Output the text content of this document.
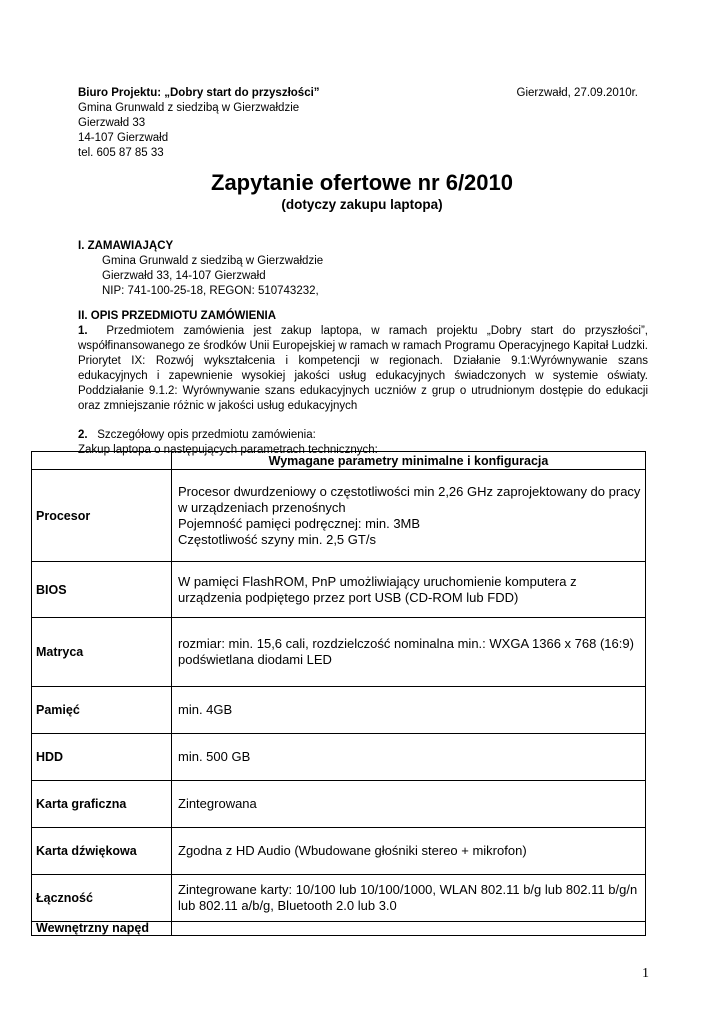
Biuro Projektu: „Dobry start do przyszłości”
Gmina Grunwald z siedzibą w Gierzwałdzie
Gierzwałd 33
14-107 Gierzwałd
tel. 605 87 85 33
Gierzwałd, 27.09.2010r.
Zapytanie ofertowe nr 6/2010
(dotyczy zakupu laptopa)
I. ZAMAWIAJĄCY
Gmina Grunwald z siedzibą w Gierzwałdzie
Gierzwałd 33, 14-107 Gierzwałd
NIP: 741-100-25-18, REGON: 510743232,
II. OPIS PRZEDMIOTU ZAMÓWIENIA
1. Przedmiotem zamówienia jest zakup laptopa, w ramach projektu „Dobry start do przyszłości”, współfinansowanego ze środków Unii Europejskiej w ramach w ramach Programu Operacyjnego Kapitał Ludzki. Priorytet IX: Rozwój wykształcenia i kompetencji w regionach. Działanie 9.1:Wyrównywanie szans edukacyjnych i zapewnienie wysokiej jakości usług edukacyjnych świadczonych w systemie oświaty. Poddziałanie 9.1.2: Wyrównywanie szans edukacyjnych uczniów z grup o utrudnionym dostępie do edukacji oraz zmniejszanie różnic w jakości usług edukacyjnych
2. Szczegółowy opis przedmiotu zamówienia:
Zakup laptopa o następujących parametrach technicznych:
	Wymagane parametry minimalne i konfiguracja
Procesor	Procesor dwurdzeniowy o częstotliwości min 2,26 GHz zaprojektowany do pracy w urządzeniach przenośnych
Pojemność pamięci podręcznej: min. 3MB
Częstotliwość szyny min. 2,5 GT/s

BIOS	W pamięci FlashROM, PnP umożliwiający uruchomienie komputera z urządzenia podpiętego przez port USB (CD-ROM lub FDD)
Matryca	rozmiar: min. 15,6 cali, rozdzielczość nominalna min.: WXGA 1366 x 768 (16:9) podświetlana diodami LED
Pamięć	min. 4GB
HDD	min. 500 GB
Karta graficzna	Zintegrowana
Karta dźwiękowa	Zgodna z HD Audio (Wbudowane głośniki stereo + mikrofon)
Łączność	Zintegrowane karty: 10/100 lub 10/100/1000, WLAN 802.11 b/g lub 802.11 b/g/n lub 802.11 a/b/g, Bluetooth 2.0 lub 3.0
Wewnętrzny napęd	
1
